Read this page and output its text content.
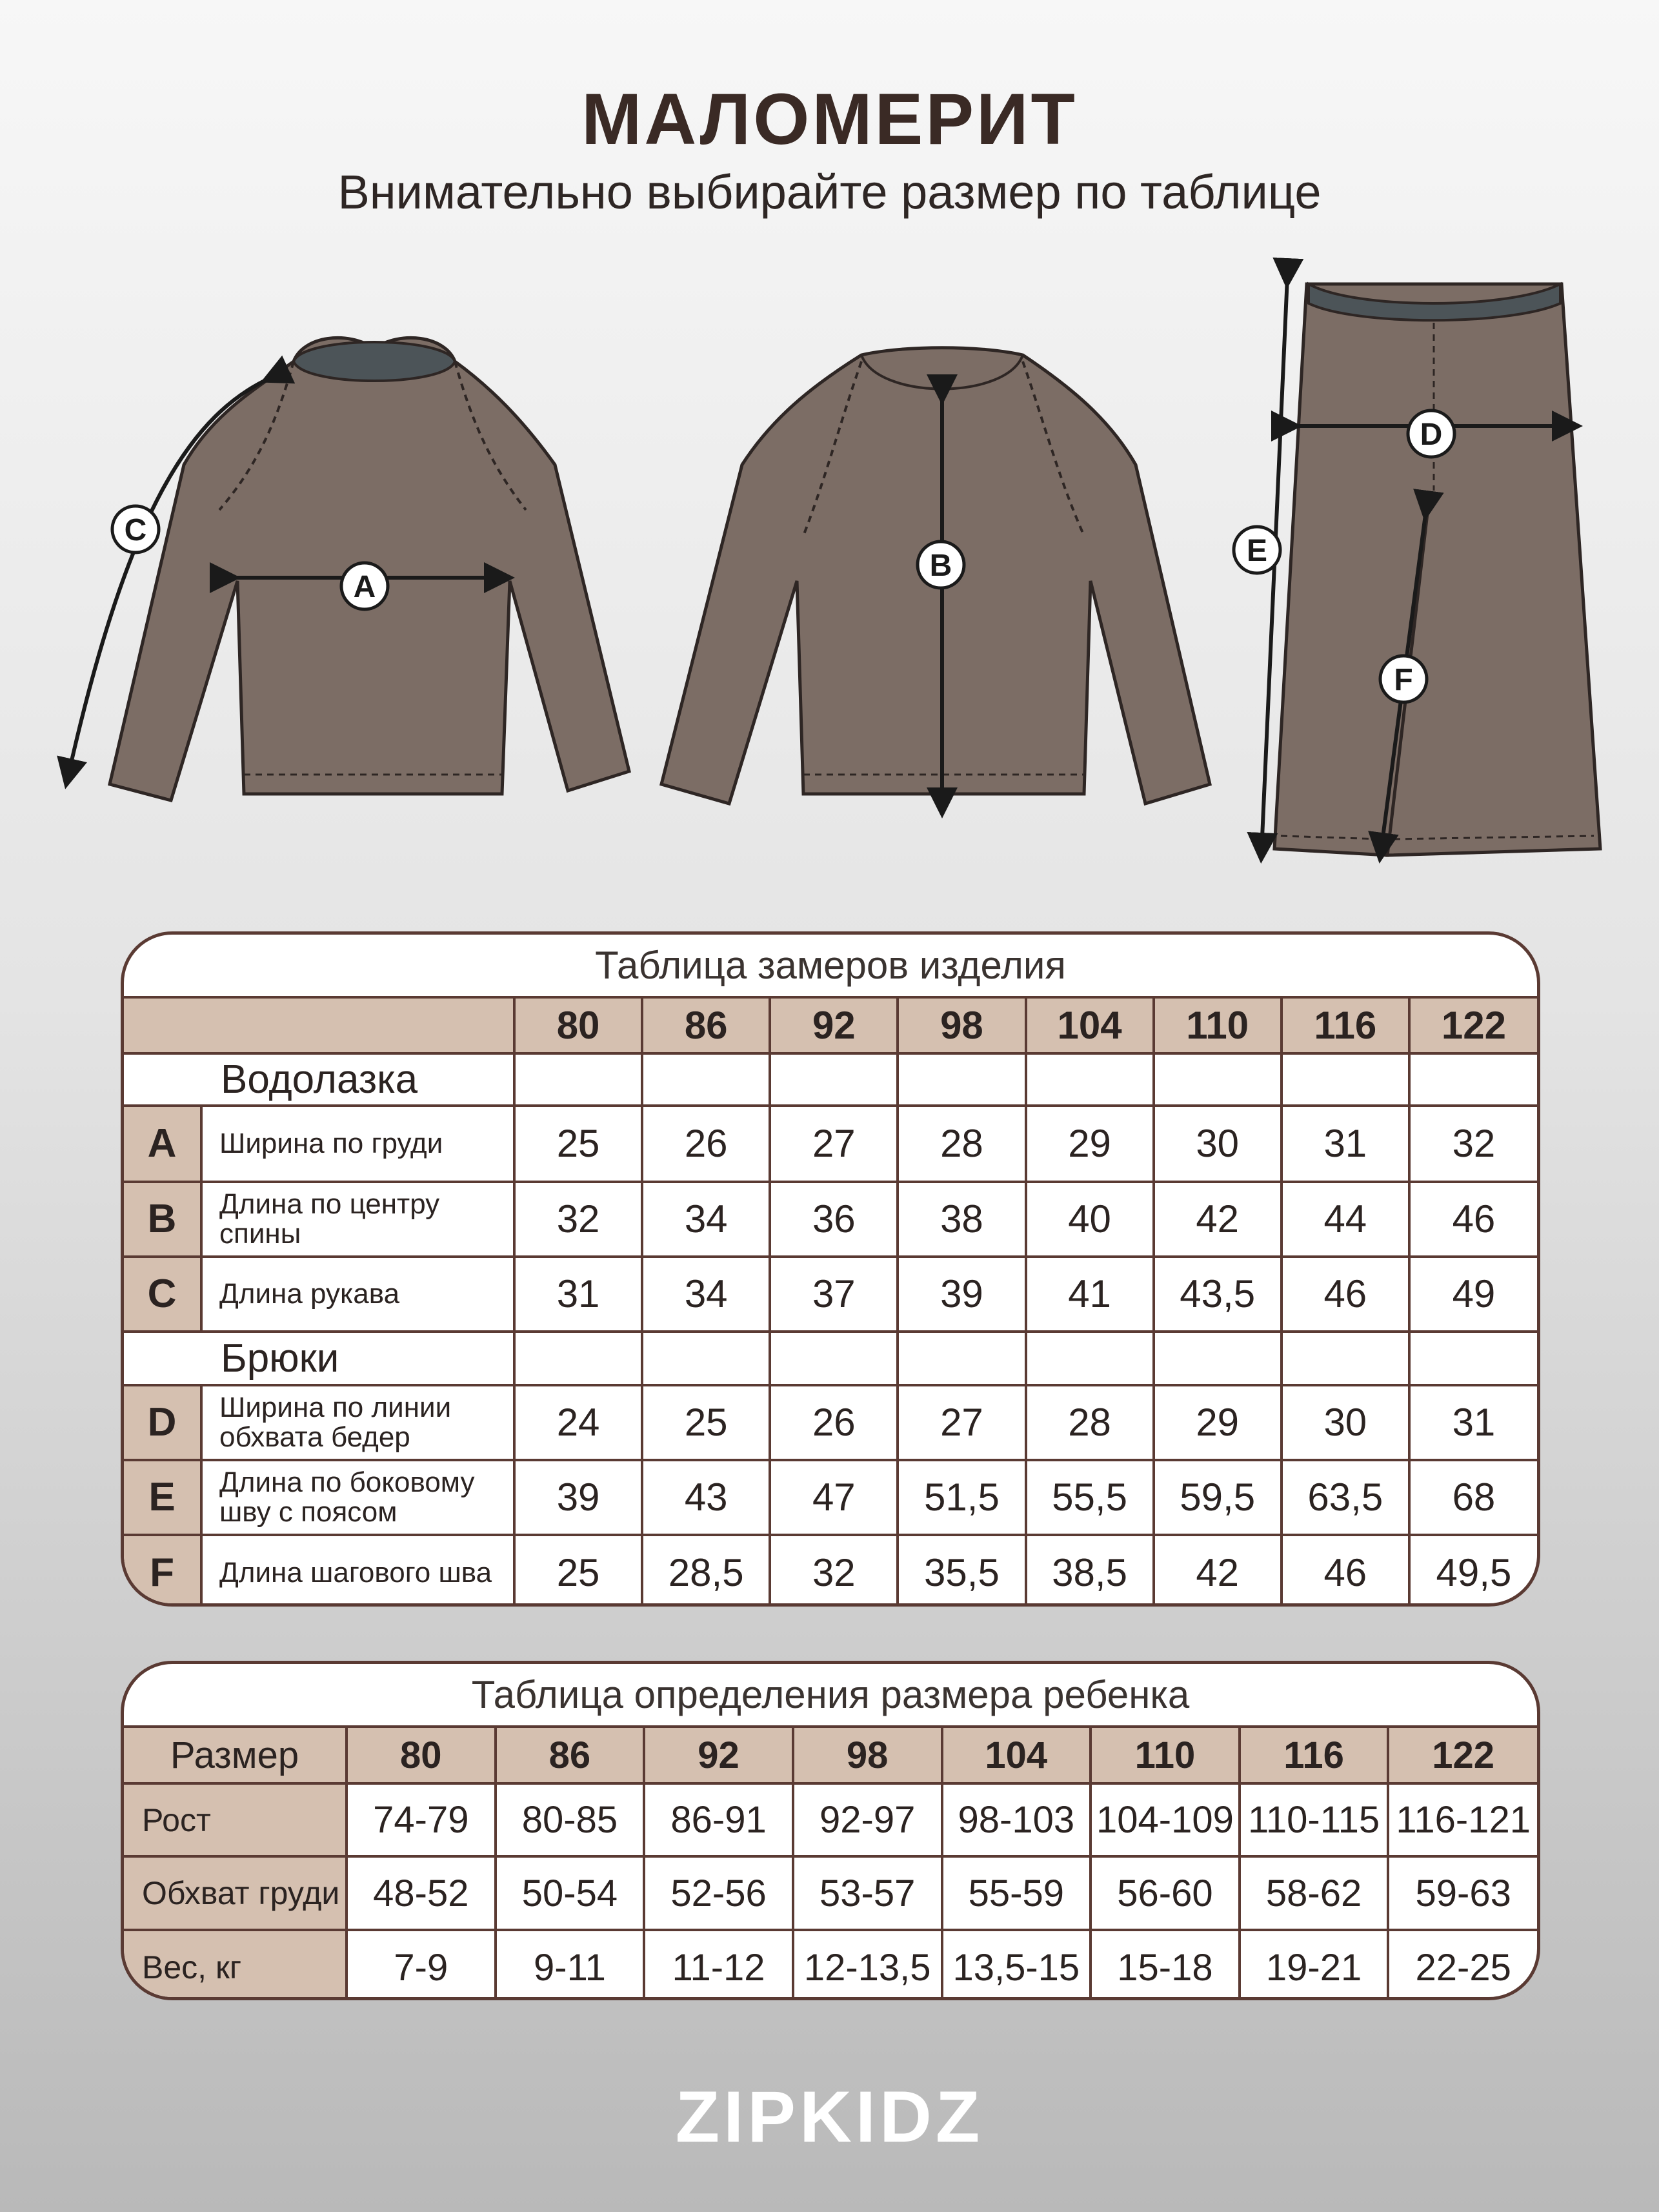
МАЛОМЕРИТ
Внимательно выбирайте размер по таблице
A
B
C
D
E
F
Таблица замеров изделия
		80	86	92	98	104	110	116	122
Водолазка									
A	Ширина по груди	25	26	27	28	29	30	31	32
B	Длина по центру спины	32	34	36	38	40	42	44	46
C	Длина рукава	31	34	37	39	41	43,5	46	49
Брюки									
D	Ширина по линии обхвата бедер	24	25	26	27	28	29	30	31
E	Длина по боковому шву с поясом	39	43	47	51,5	55,5	59,5	63,5	68
F	Длина шагового шва	25	28,5	32	35,5	38,5	42	46	49,5
Таблица определения размера ребенка
Размер	80	86	92	98	104	110	116	122
Рост	74-79	80-85	86-91	92-97	98-103	104-109	110-115	116-121
Обхват груди	48-52	50-54	52-56	53-57	55-59	56-60	58-62	59-63
Вес, кг	7-9	9-11	11-12	12-13,5	13,5-15	15-18	19-21	22-25
ZIPKIDZ
